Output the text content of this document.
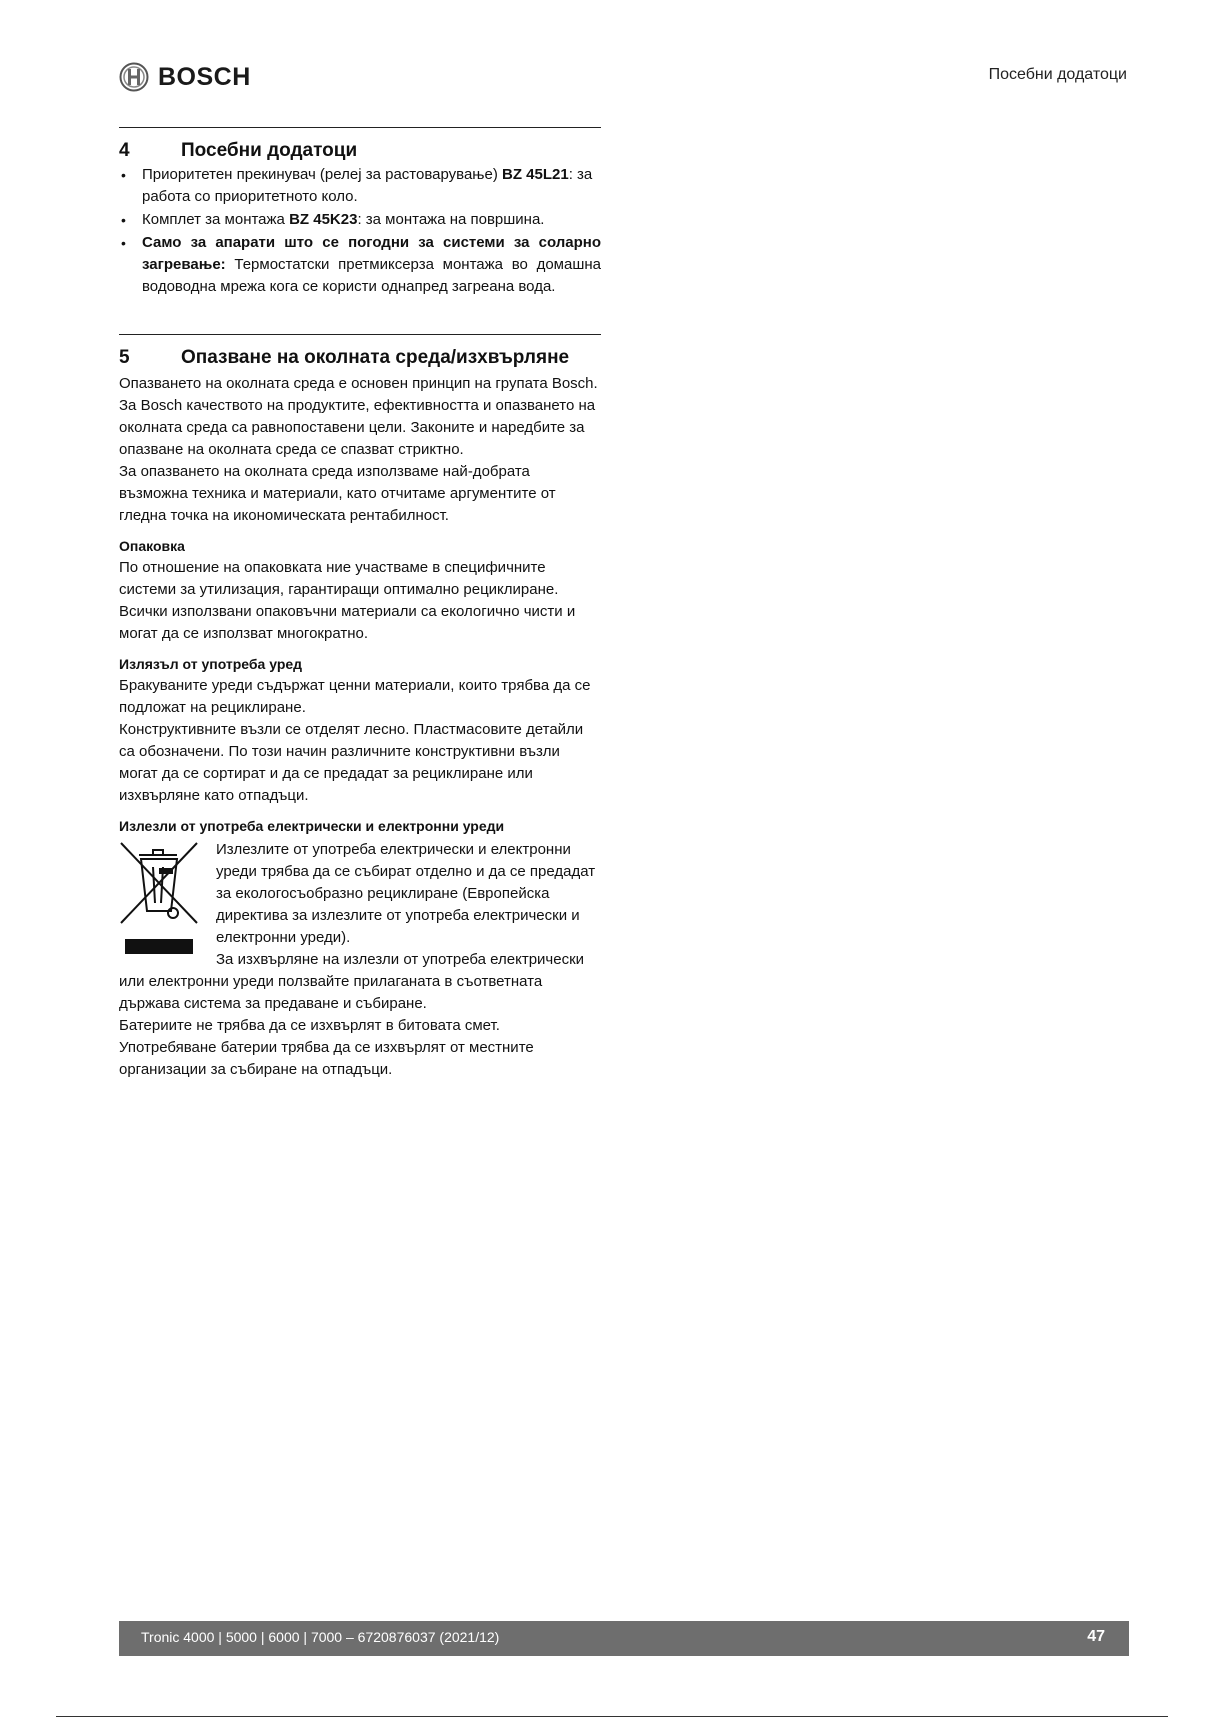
BOSCH	Посебни додатоци
4	Посебни додатоци
• Приоритетен прекинувач (релеј за растоварување) BZ 45L21: за работа со приоритетното коло.
• Комплет за монтажа BZ 45K23: за монтажа на површина.
• Само за апарати што се погодни за системи за соларно загревање: Термостатски претмиксерза монтажа во домашна водоводна мрежа кога се користи однапред загреана вода.
5	Опазване на околната среда/изхвърляне

Опазването на околната среда е основен принцип на групата Bosch. За Bosch качеството на продуктите, ефективността и опазването на околната среда са равнопоставени цели. Законите и наредбите за опазване на околната среда се спазват стриктно.

За опазването на околната среда използваме най-добрата възможна техника и материали, като отчитаме аргументите от гледна точка на икономическата рентабилност.

Опаковка

По отношение на опаковката ние участваме в специфичните системи за утилизация, гарантиращи оптимално рециклиране. Всички използвани опаковъчни материали са екологично чисти и могат да се използват многократно.

Излязъл от употреба уред

Бракуваните уреди съдържат ценни материали, които трябва да се подложат на рециклиране.

Конструктивните възли се отделят лесно. Пластмасовите детайли са обозначени. По този начин различните конструктивни възли могат да се сортират и да се предадат за рециклиране или изхвърляне като отпадъци.

Излезли от употреба електрически и електронни уреди

Излезлите от употреба електрически и електронни уреди трябва да се събират отделно и да се предадат за екологосъобразно рециклиране (Европейска директива за излезлите от употреба електрически и електронни уреди).

За изхвърляне на излезли от употреба електрически или електронни уреди ползвайте прилаганата в съответната държава система за предаване и събиране.

Батериите не трябва да се изхвърлят в битовата смет. Употребяване батерии трябва да се изхвърлят от местните организации за събиране на отпадъци.

Tronic 4000 | 5000 | 6000 | 7000 – 6720876037 (2021/12)	47
